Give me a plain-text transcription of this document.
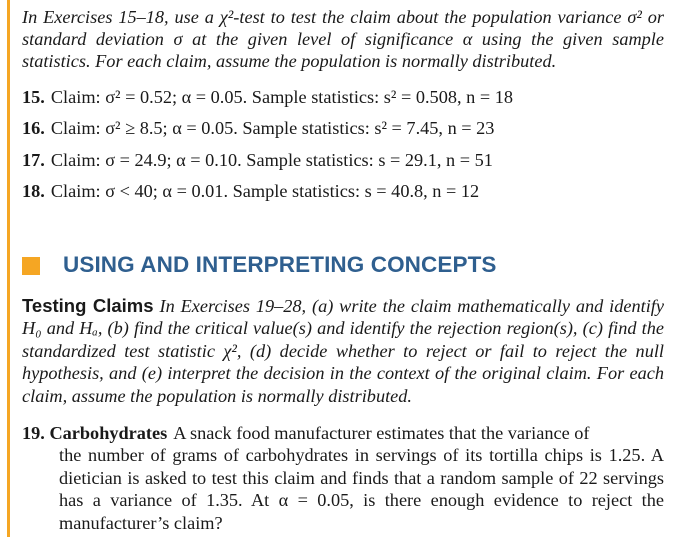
In Exercises 15–18, use a χ²-test to test the claim about the population variance σ² or standard deviation σ at the given level of significance α using the given sample statistics. For each claim, assume the population is normally distributed.
15. Claim: σ² = 0.52; α = 0.05. Sample statistics: s² = 0.508, n = 18
16. Claim: σ² ≥ 8.5; α = 0.05. Sample statistics: s² = 7.45, n = 23
17. Claim: σ = 24.9; α = 0.10. Sample statistics: s = 29.1, n = 51
18. Claim: σ < 40; α = 0.01. Sample statistics: s = 40.8, n = 12
USING AND INTERPRETING CONCEPTS
Testing Claims In Exercises 19–28, (a) write the claim mathematically and identify H₀ and Hₐ, (b) find the critical value(s) and identify the rejection region(s), (c) find the standardized test statistic χ², (d) decide whether to reject or fail to reject the null hypothesis, and (e) interpret the decision in the context of the original claim. For each claim, assume the population is normally distributed.
19. Carbohydrates A snack food manufacturer estimates that the variance of
the number of grams of carbohydrates in servings of its tortilla chips is 1.25. A dietician is asked to test this claim and finds that a random sample of 22 servings has a variance of 1.35. At α = 0.05, is there enough evidence to reject the manufacturer’s claim?
